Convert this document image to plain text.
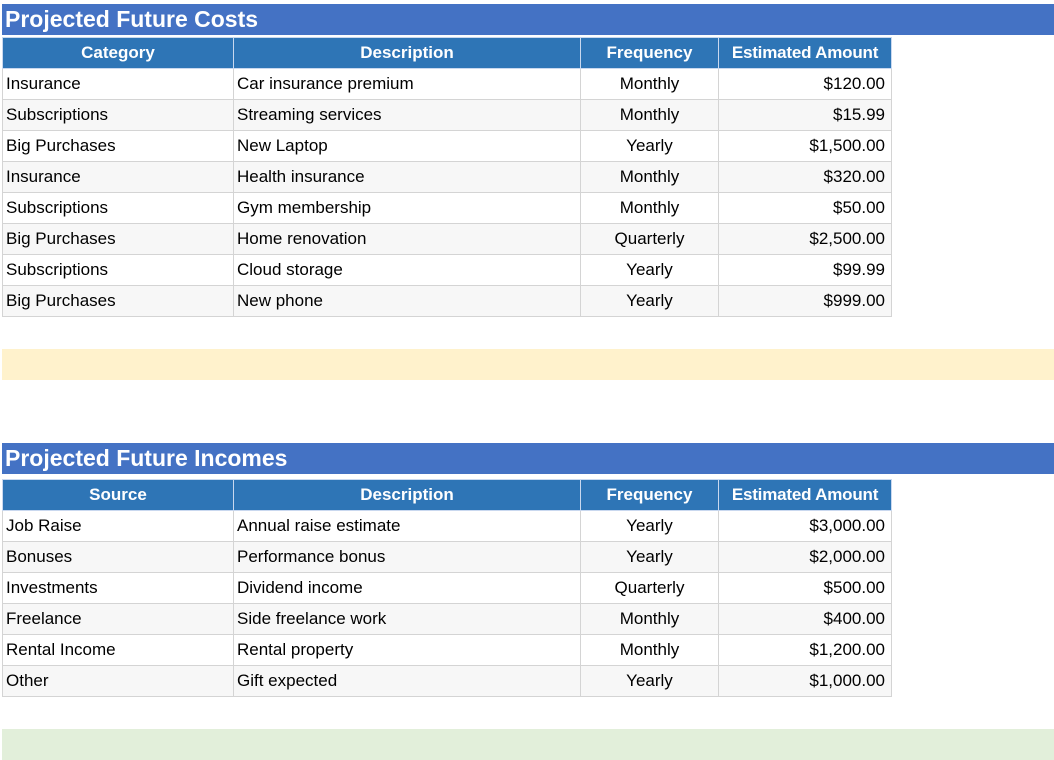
Projected Future Costs
Category	Description	Frequency	Estimated Amount
Insurance	Car insurance premium	Monthly	$120.00
Subscriptions	Streaming services	Monthly	$15.99
Big Purchases	New Laptop	Yearly	$1,500.00
Insurance	Health insurance	Monthly	$320.00
Subscriptions	Gym membership	Monthly	$50.00
Big Purchases	Home renovation	Quarterly	$2,500.00
Subscriptions	Cloud storage	Yearly	$99.99
Big Purchases	New phone	Yearly	$999.00
Projected Future Incomes
Source	Description	Frequency	Estimated Amount
Job Raise	Annual raise estimate	Yearly	$3,000.00
Bonuses	Performance bonus	Yearly	$2,000.00
Investments	Dividend income	Quarterly	$500.00
Freelance	Side freelance work	Monthly	$400.00
Rental Income	Rental property	Monthly	$1,200.00
Other	Gift expected	Yearly	$1,000.00
